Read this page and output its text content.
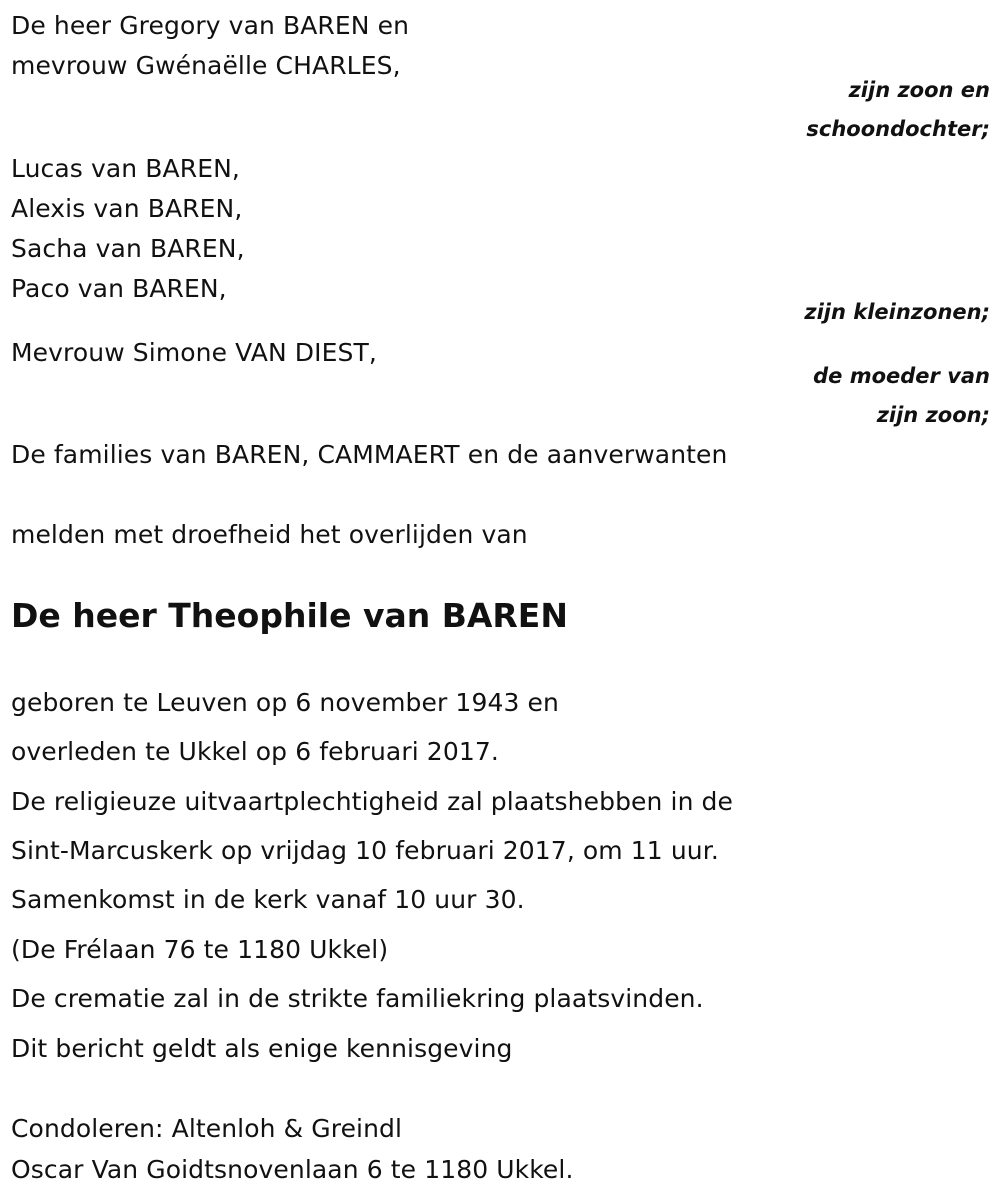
De heer Gregory van BAREN en
mevrouw Gwénaëlle CHARLES,
zijn zoon en
schoondochter;
Lucas van BAREN,
Alexis van BAREN,
Sacha van BAREN,
Paco van BAREN,
zijn kleinzonen;
Mevrouw Simone VAN DIEST,
de moeder van
zijn zoon;
De families van BAREN, CAMMAERT en de aanverwanten
melden met droefheid het overlijden van
De heer Theophile van BAREN
geboren te Leuven op 6 november 1943 en
overleden te Ukkel op 6 februari 2017.
De religieuze uitvaartplechtigheid zal plaatshebben in de
Sint-Marcuskerk op vrijdag 10 februari 2017, om 11 uur.
Samenkomst in de kerk vanaf 10 uur 30.
(De Frélaan 76 te 1180 Ukkel)
De crematie zal in de strikte familiekring plaatsvinden.
Dit bericht geldt als enige kennisgeving
Condoleren: Altenloh & Greindl
Oscar Van Goidtsnovenlaan 6 te 1180 Ukkel.
